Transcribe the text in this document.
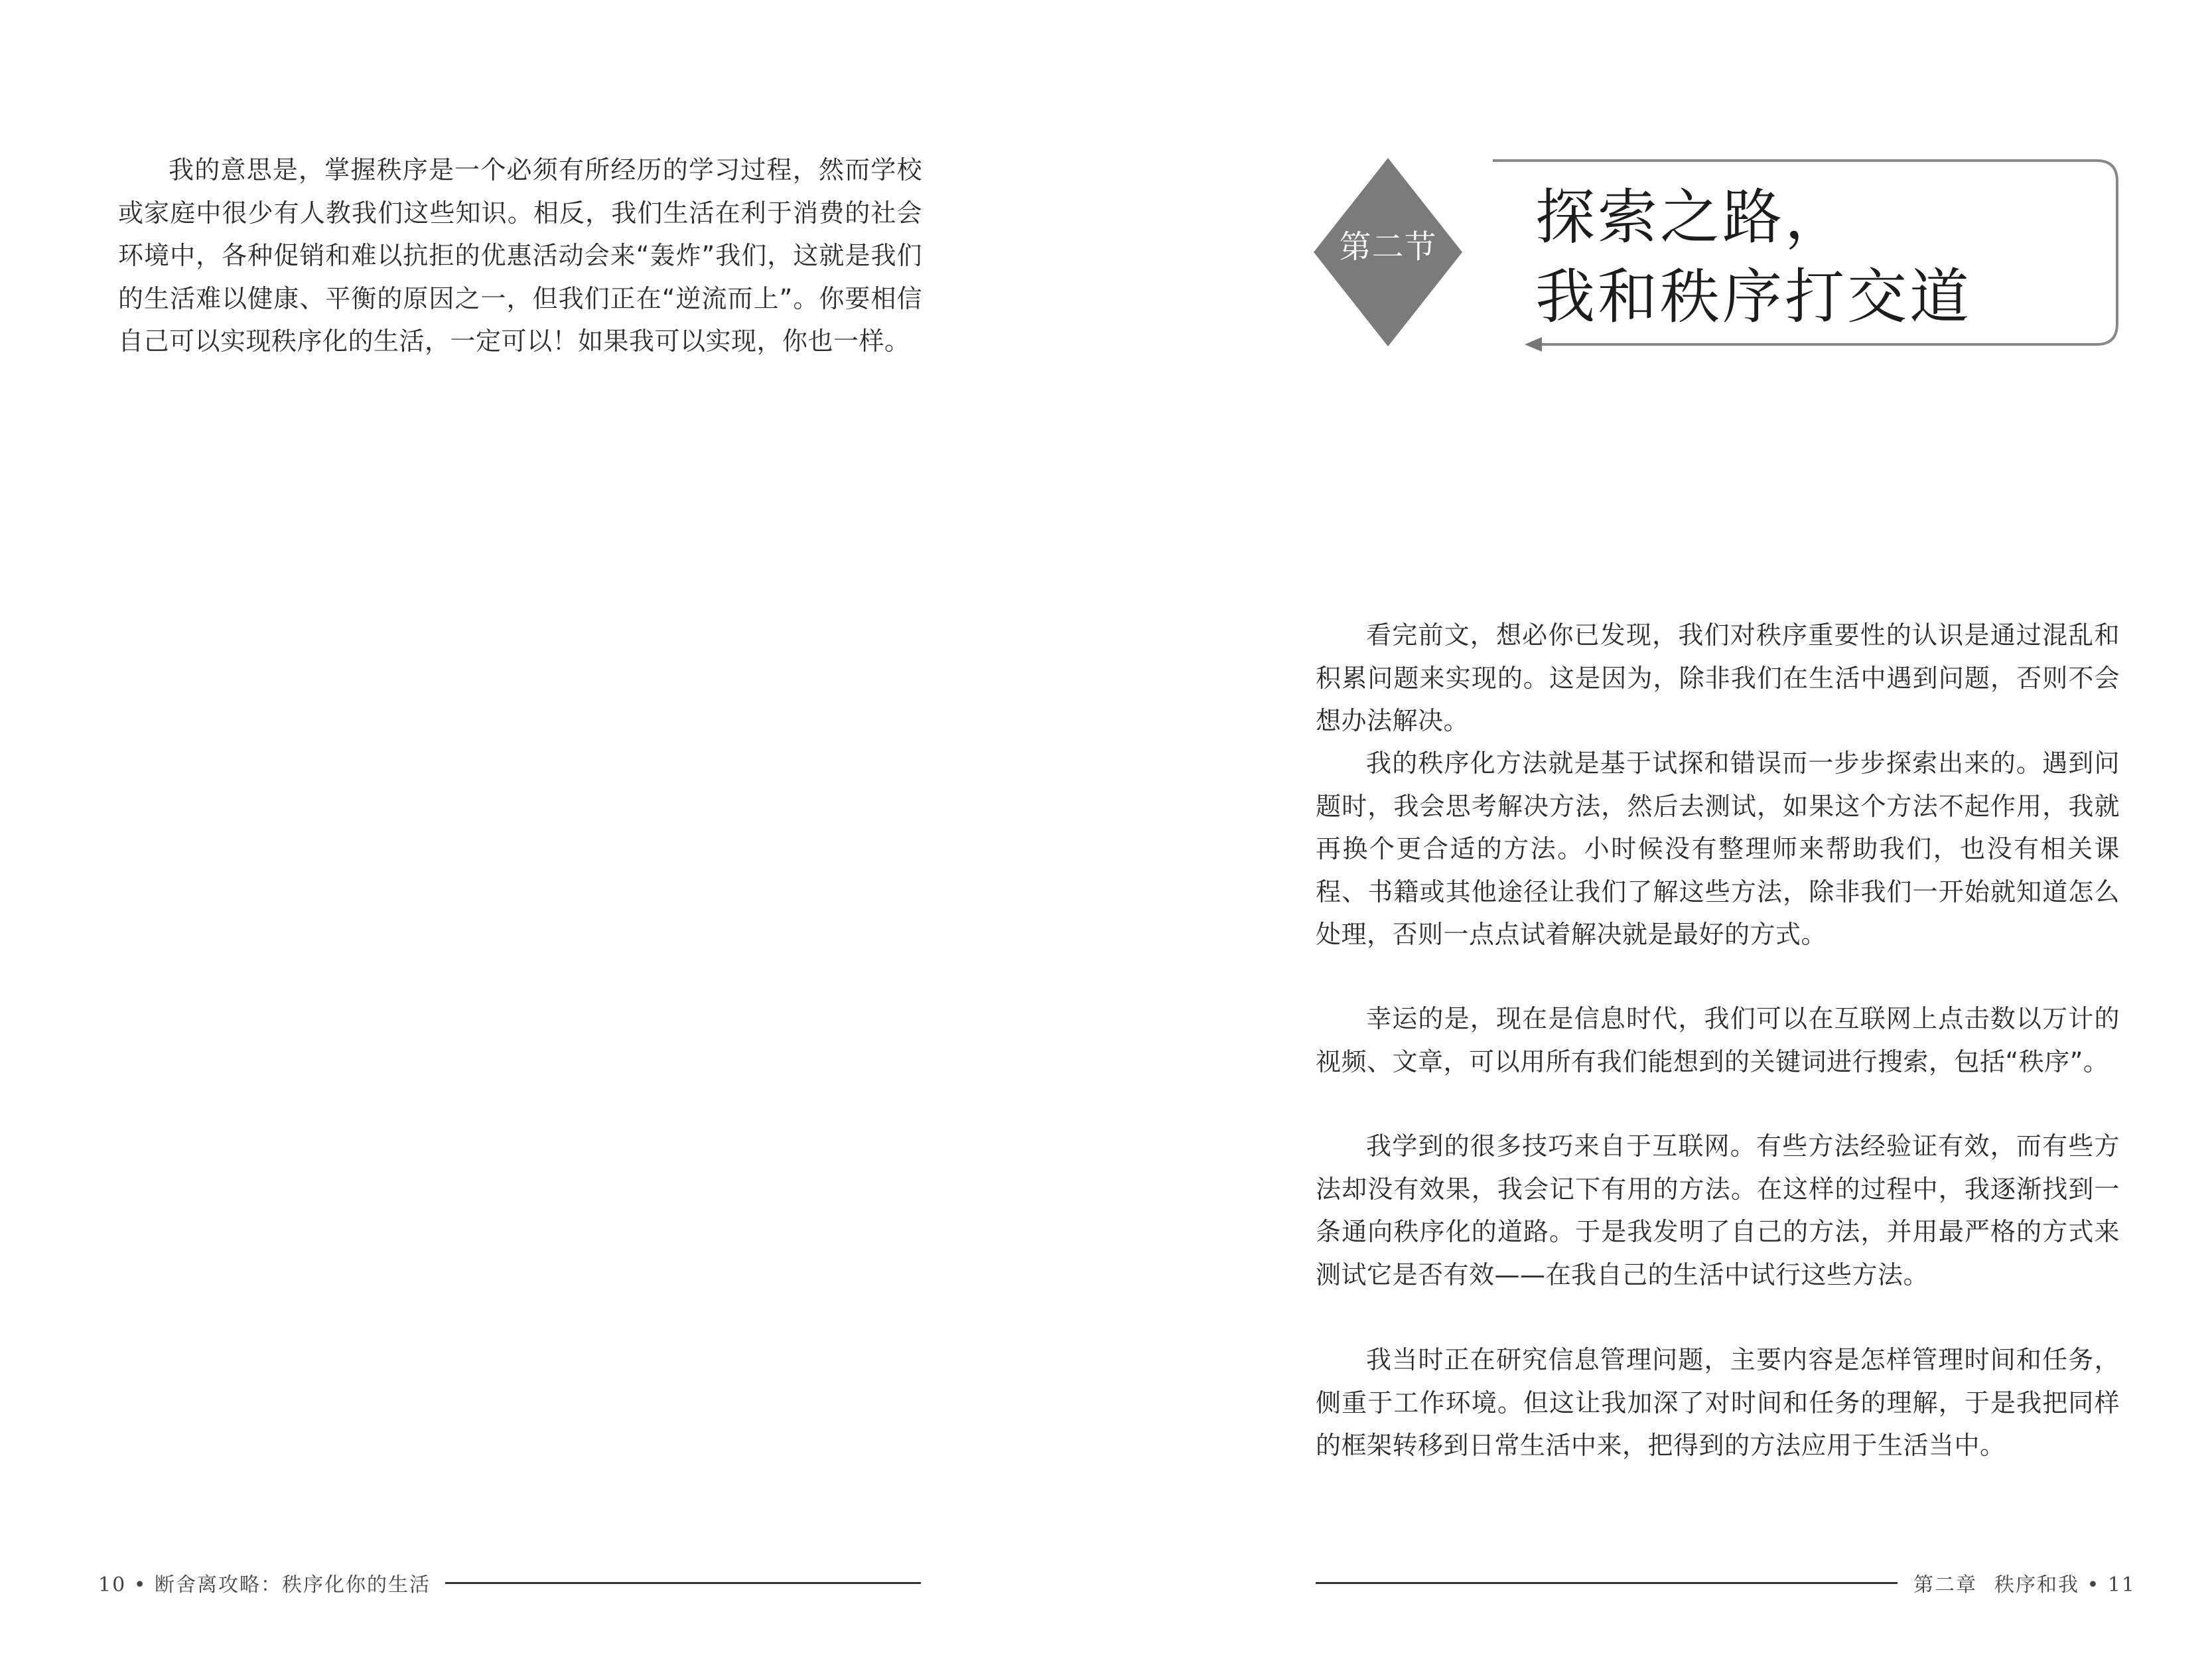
我的意思是，掌握秩序是一个必须有所经历的学习过程，然而学校或家庭中很少有人教我们这些知识。相反，我们生活在利于消费的社会环境中，各种促销和难以抗拒的优惠活动会来“轰炸”我们，这就是我们的生活难以健康、平衡的原因之一，但我们正在“逆流而上”。你要相信自己可以实现秩序化的生活，一定可以！如果我可以实现，你也一样。

第二节 探索之路，
我和秩序打交道

看完前文，想必你已发现，我们对秩序重要性的认识是通过混乱和积累问题来实现的。这是因为，除非我们在生活中遇到问题，否则不会想办法解决。

我的秩序化方法就是基于试探和错误而一步步探索出来的。遇到问题时，我会思考解决方法，然后去测试，如果这个方法不起作用，我就再换个更合适的方法。小时候没有整理师来帮助我们，也没有相关课程、书籍或其他途径让我们了解这些方法，除非我们一开始就知道怎么处理，否则一点点试着解决就是最好的方式。

幸运的是，现在是信息时代，我们可以在互联网上点击数以万计的视频、文章，可以用所有我们能想到的关键词进行搜索，包括“秩序”。

我学到的很多技巧来自于互联网。有些方法经验证有效，而有些方法却没有效果，我会记下有用的方法。在这样的过程中，我逐渐找到一条通向秩序化的道路。于是我发明了自己的方法，并用最严格的方式来测试它是否有效——在我自己的生活中试行这些方法。

我当时正在研究信息管理问题，主要内容是怎样管理时间和任务，侧重于工作环境。但这让我加深了对时间和任务的理解，于是我把同样的框架转移到日常生活中来，把得到的方法应用于生活当中。

10 • 断舍离攻略：秩序化你的生活	第二章 秩序和我 • 11
